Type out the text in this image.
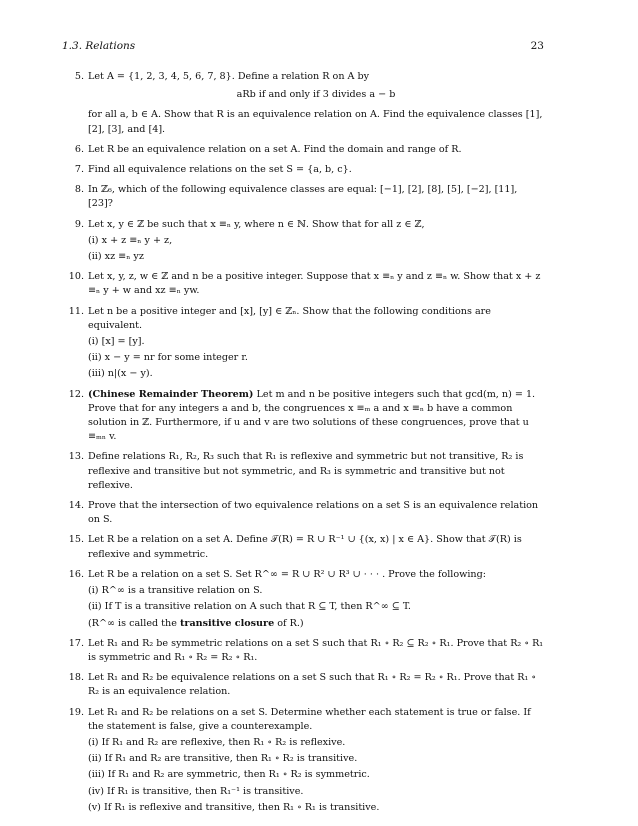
1.3. Relations	23
5. Let A = {1, 2, 3, 4, 5, 6, 7, 8}. Define a relation R on A by
aRb if and only if 3 divides a − b
for all a, b ∈ A. Show that R is an equivalence relation on A. Find the equivalence classes [1], [2], [3], and [4].
6. Let R be an equivalence relation on a set A. Find the domain and range of R.
7. Find all equivalence relations on the set S = {a, b, c}.
8. In ℤ₆, which of the following equivalence classes are equal: [−1], [2], [8], [5], [−2], [11], [23]?
9. Let x, y ∈ ℤ be such that x ≡ₙ y, where n ∈ ℕ. Show that for all z ∈ ℤ,
(i) x + z ≡ₙ y + z,
(ii) xz ≡ₙ yz
10. Let x, y, z, w ∈ ℤ and n be a positive integer. Suppose that x ≡ₙ y and z ≡ₙ w. Show that x + z ≡ₙ y + w and xz ≡ₙ yw.
11. Let n be a positive integer and [x], [y] ∈ ℤₙ. Show that the following conditions are equivalent.
(i) [x] = [y].
(ii) x − y = nr for some integer r.
(iii) n|(x − y).
12. (Chinese Remainder Theorem) Let m and n be positive integers such that gcd(m, n) = 1. Prove that for any integers a and b, the congruences x ≡ₘ a and x ≡ₙ b have a common solution in ℤ. Furthermore, if u and v are two solutions of these congruences, prove that u ≡ₘₙ v.
13. Define relations R₁, R₂, R₃ such that R₁ is reflexive and symmetric but not transitive, R₂ is reflexive and transitive but not symmetric, and R₃ is symmetric and transitive but not reflexive.
14. Prove that the intersection of two equivalence relations on a set S is an equivalence relation on S.
15. Let R be a relation on a set A. Define 𝒯(R) = R ∪ R⁻¹ ∪ {(x, x) | x ∈ A}. Show that 𝒯(R) is reflexive and symmetric.
16. Let R be a relation on a set S. Set R^∞ = R ∪ R² ∪ R³ ∪ · · · . Prove the following:
(i) R^∞ is a transitive relation on S.
(ii) If T is a transitive relation on A such that R ⊆ T, then R^∞ ⊆ T.
(R^∞ is called the transitive closure of R.)
17. Let R₁ and R₂ be symmetric relations on a set S such that R₁ ∘ R₂ ⊆ R₂ ∘ R₁. Prove that R₂ ∘ R₁ is symmetric and R₁ ∘ R₂ = R₂ ∘ R₁.
18. Let R₁ and R₂ be equivalence relations on a set S such that R₁ ∘ R₂ = R₂ ∘ R₁. Prove that R₁ ∘ R₂ is an equivalence relation.
19. Let R₁ and R₂ be relations on a set S. Determine whether each statement is true or false. If the statement is false, give a counterexample.
(i) If R₁ and R₂ are reflexive, then R₁ ∘ R₂ is reflexive.
(ii) If R₁ and R₂ are transitive, then R₁ ∘ R₂ is transitive.
(iii) If R₁ and R₂ are symmetric, then R₁ ∘ R₂ is symmetric.
(iv) If R₁ is transitive, then R₁⁻¹ is transitive.
(v) If R₁ is reflexive and transitive, then R₁ ∘ R₁ is transitive.
